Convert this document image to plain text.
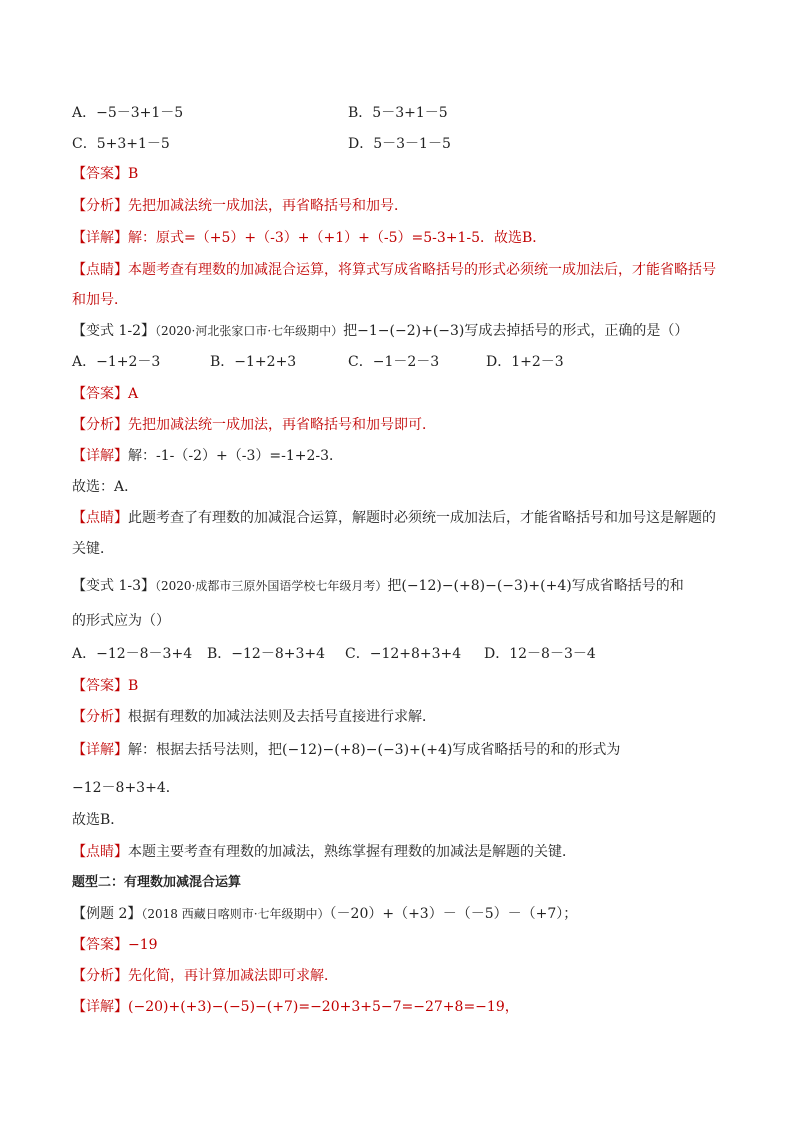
A．−5－3+1－5	B．5－3+1－5
C．5+3+1－5	D．5－3－1－5
【答案】B
【分析】先把加减法统一成加法，再省略括号和加号．
【详解】解：原式=（+5）+（-3）+（+1）+（-5）=5-3+1-5．故选B．
【点睛】本题考查有理数的加减混合运算，将算式写成省略括号的形式必须统一成加法后，才能省略括号
和加号．
【变式 1-2】（2020·河北张家口市·七年级期中）把−1−(−2)+(−3)写成去掉括号的形式，正确的是（）
A．−1+2－3	B．−1+2+3	C．−1－2－3	D．1+2－3
【答案】A
【分析】先把加减法统一成加法，再省略括号和加号即可．
【详解】解：-1-（-2）+（-3）=-1+2-3．
故选：A．
【点睛】此题考查了有理数的加减混合运算，解题时必须统一成加法后，才能省略括号和加号这是解题的
关键．
【变式 1-3】（2020·成都市三原外国语学校七年级月考）把(−12)−(+8)−(−3)+(+4)写成省略括号的和
的形式应为（）
A．−12－8－3+4 B．−12－8+3+4 C．−12+8+3+4 D．12－8－3－4
【答案】B
【分析】根据有理数的加减法法则及去括号直接进行求解．
【详解】解：根据去括号法则，把(−12)−(+8)−(−3)+(+4)写成省略括号的和的形式为
−12－8+3+4．
故选B．
【点睛】本题主要考查有理数的加减法，熟练掌握有理数的加减法是解题的关键．
题型二：有理数加减混合运算
【例题 2】（2018 西藏日喀则市·七年级期中）（－20）+（+3）－（－5）－（+7）；
【答案】−19
【分析】先化简，再计算加减法即可求解．
【详解】(−20)+(+3)−(−5)−(+7)=−20+3+5−7=−27+8=−19，
